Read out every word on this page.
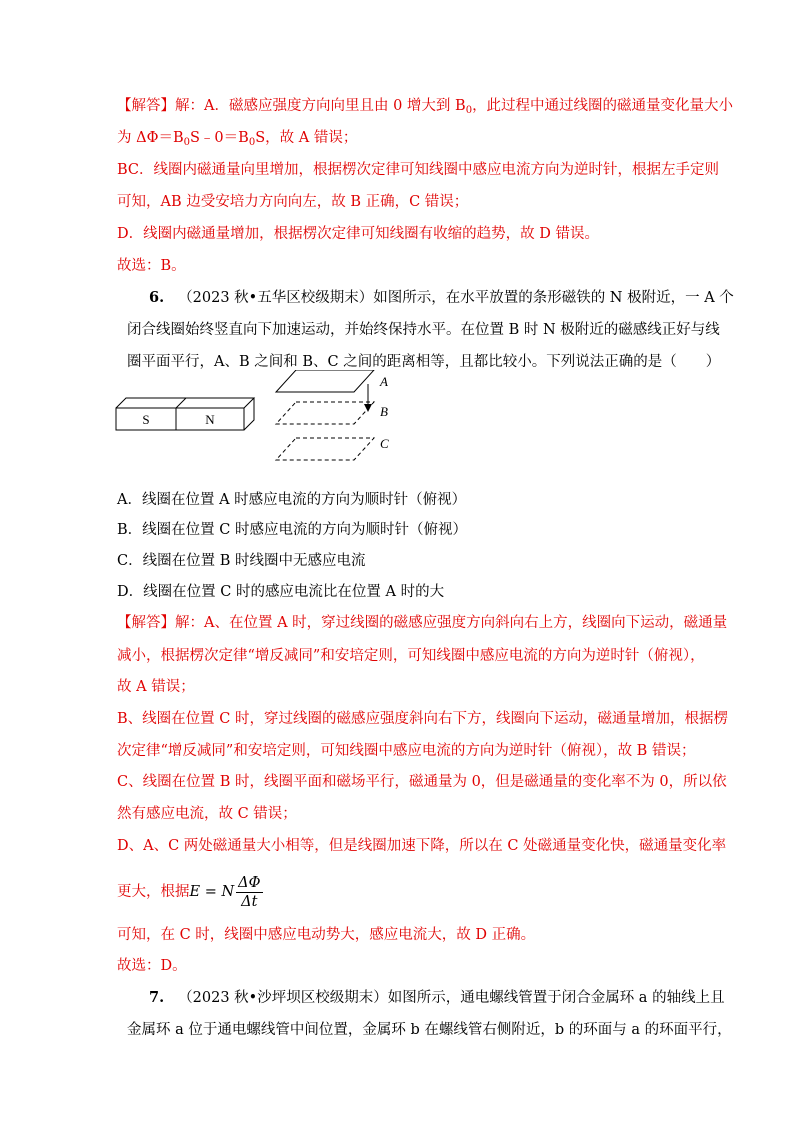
【解答】解：A．磁感应强度方向向里且由 0 增大到 $B_0$，此过程中通过线圈的磁通量变化量大小
为 $\Delta\Phi=B_0S﹣0=B_0S$，故 A 错误；
BC．线圈内磁通量向里增加，根据楞次定律可知线圈中感应电流方向为逆时针，根据左手定则
可知，AB 边受安培力方向向左，故 B 正确，C 错误；
D．线圈内磁通量增加，根据楞次定律可知线圈有收缩的趋势，故 D 错误。
故选：B。
6. （2023 秋•五华区校级期末）如图所示，在水平放置的条形磁铁的 N 极附近，一 A 个
闭合线圈始终竖直向下加速运动，并始终保持水平。在位置 B 时 N 极附近的磁感线正好与线
圈平面平行，A、B 之间和 B、C 之间的距离相等，且都比较小。下列说法正确的是（　　）
S	N
A
B
C
A．线圈在位置 A 时感应电流的方向为顺时针（俯视）
B．线圈在位置 C 时感应电流的方向为顺时针（俯视）
C．线圈在位置 B 时线圈中无感应电流
D．线圈在位置 C 时的感应电流比在位置 A 时的大
【解答】解：A、在位置 A 时，穿过线圈的磁感应强度方向斜向右上方，线圈向下运动，磁通量
减小，根据楞次定律“增反减同”和安培定则，可知线圈中感应电流的方向为逆时针（俯视），
故 A 错误；
B、线圈在位置 C 时，穿过线圈的磁感应强度斜向右下方，线圈向下运动，磁通量增加，根据楞
次定律“增反减同”和安培定则，可知线圈中感应电流的方向为逆时针（俯视），故 B 错误；
C、线圈在位置 B 时，线圈平面和磁场平行，磁通量为 0，但是磁通量的变化率不为 0，所以依
然有感应电流，故 C 错误；
D、A、C 两处磁通量大小相等，但是线圈加速下降，所以在 C 处磁通量变化快，磁通量变化率
更大，根据E = N $\frac{\Delta\Phi}{\Delta t}$
可知，在 C 时，线圈中感应电动势大，感应电流大，故 D 正确。
故选：D。
7. （2023 秋•沙坪坝区校级期末）如图所示，通电螺线管置于闭合金属环 a 的轴线上且
金属环 a 位于通电螺线管中间位置，金属环 b 在螺线管右侧附近，b 的环面与 a 的环面平行，
